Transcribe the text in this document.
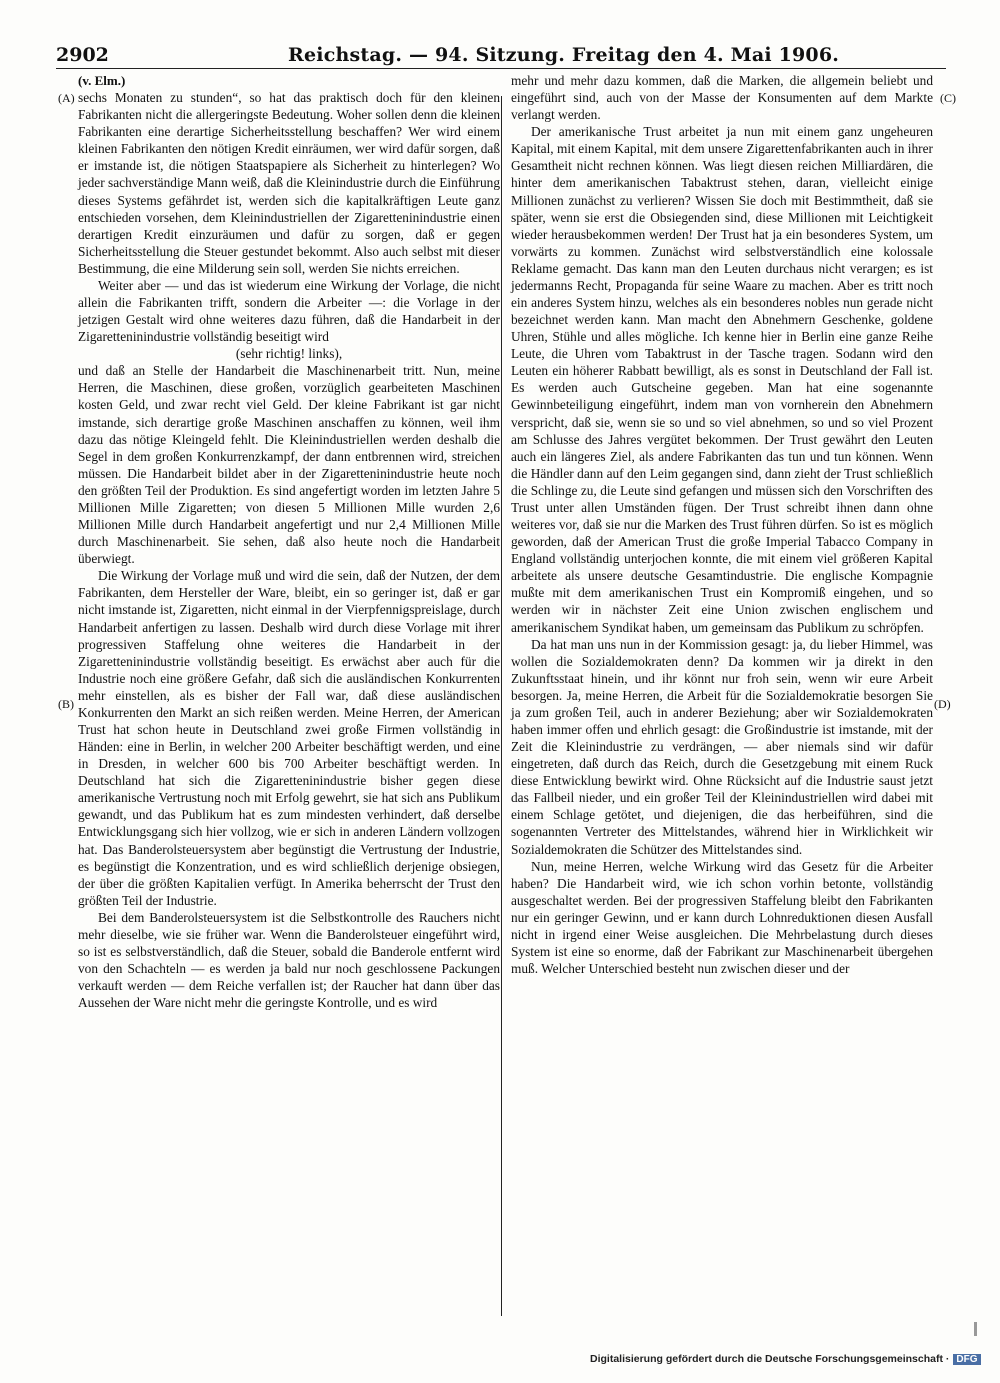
2902	Reichstag. — 94. Sitzung. Freitag den 4. Mai 1906.
(A)
(B)
(C)
(D)

(v. Elm.)

sechs Monaten zu stunden“, so hat das praktisch doch für den kleinen Fabrikanten nicht die allergeringste Bedeutung. Woher sollen denn die kleinen Fabrikanten eine derartige Sicherheitsstellung beschaffen? Wer wird einem kleinen Fabrikanten den nötigen Kredit einräumen, wer wird dafür sorgen, daß er imstande ist, die nötigen Staatspapiere als Sicherheit zu hinterlegen? Wo jeder sachverständige Mann weiß, daß die Kleinindustrie durch die Einführung dieses Systems gefährdet ist, werden sich die kapitalkräftigen Leute ganz entschieden vorsehen, dem Kleinindustriellen der Zigaretteninindustrie einen derartigen Kredit einzuräumen und dafür zu sorgen, daß er gegen Sicherheitsstellung die Steuer gestundet bekommt. Also auch selbst mit dieser Bestimmung, die eine Milderung sein soll, werden Sie nichts erreichen.

Weiter aber — und das ist wiederum eine Wirkung der Vorlage, die nicht allein die Fabrikanten trifft, sondern die Arbeiter —: die Vorlage in der jetzigen Gestalt wird ohne weiteres dazu führen, daß die Handarbeit in der Zigaretteninindustrie vollständig beseitigt wird

(sehr richtig! links),

und daß an Stelle der Handarbeit die Maschinenarbeit tritt. Nun, meine Herren, die Maschinen, diese großen, vorzüglich gearbeiteten Maschinen kosten Geld, und zwar recht viel Geld. Der kleine Fabrikant ist gar nicht imstande, sich derartige große Maschinen anschaffen zu können, weil ihm dazu das nötige Kleingeld fehlt. Die Kleinindustriellen werden deshalb die Segel in dem großen Konkurrenzkampf, der dann entbrennen wird, streichen müssen. Die Handarbeit bildet aber in der Zigaretteninindustrie heute noch den größten Teil der Produktion. Es sind angefertigt worden im letzten Jahre 5 Millionen Mille Zigaretten; von diesen 5 Millionen Mille wurden 2,6 Millionen Mille durch Handarbeit angefertigt und nur 2,4 Millionen Mille durch Maschinenarbeit. Sie sehen, daß also heute noch die Handarbeit überwiegt.

Die Wirkung der Vorlage muß und wird die sein, daß der Nutzen, der dem Fabrikanten, dem Hersteller der Ware, bleibt, ein so geringer ist, daß er gar nicht imstande ist, Zigaretten, nicht einmal in der Vierpfennigspreislage, durch Handarbeit anfertigen zu lassen. Deshalb wird durch diese Vorlage mit ihrer progressiven Staffelung ohne weiteres die Handarbeit in der Zigaretteninindustrie vollständig beseitigt. Es erwächst aber auch für die Industrie noch eine größere Gefahr, daß sich die ausländischen Konkurrenten mehr einstellen, als es bisher der Fall war, daß diese ausländischen Konkurrenten den Markt an sich reißen werden. Meine Herren, der American Trust hat schon heute in Deutschland zwei große Firmen vollständig in Händen: eine in Berlin, in welcher 200 Arbeiter beschäftigt werden, und eine in Dresden, in welcher 600 bis 700 Arbeiter beschäftigt werden. In Deutschland hat sich die Zigaretteninindustrie bisher gegen diese amerikanische Vertrustung noch mit Erfolg gewehrt, sie hat sich ans Publikum gewandt, und das Publikum hat es zum mindesten verhindert, daß derselbe Entwicklungsgang sich hier vollzog, wie er sich in anderen Ländern vollzogen hat. Das Banderolsteuersystem aber begünstigt die Vertrustung der Industrie, es begünstigt die Konzentration, und es wird schließlich derjenige obsiegen, der über die größten Kapitalien verfügt. In Amerika beherrscht der Trust den größten Teil der Industrie.

Bei dem Banderolsteuersystem ist die Selbstkontrolle des Rauchers nicht mehr dieselbe, wie sie früher war. Wenn die Banderolsteuer eingeführt wird, so ist es selbstverständlich, daß die Steuer, sobald die Banderole entfernt wird von den Schachteln — es werden ja bald nur noch geschlossene Packungen verkauft werden — dem Reiche verfallen ist; der Raucher hat dann über das Aussehen der Ware nicht mehr die geringste Kontrolle, und es wird

mehr und mehr dazu kommen, daß die Marken, die allgemein beliebt und eingeführt sind, auch von der Masse der Konsumenten auf dem Markte verlangt werden.

Der amerikanische Trust arbeitet ja nun mit einem ganz ungeheuren Kapital, mit einem Kapital, mit dem unsere Zigarettenfabrikanten auch in ihrer Gesamtheit nicht rechnen können. Was liegt diesen reichen Milliardären, die hinter dem amerikanischen Tabaktrust stehen, daran, vielleicht einige Millionen zunächst zu verlieren? Wissen Sie doch mit Bestimmtheit, daß sie später, wenn sie erst die Obsiegenden sind, diese Millionen mit Leichtigkeit wieder herausbekommen werden! Der Trust hat ja ein besonderes System, um vorwärts zu kommen. Zunächst wird selbstverständlich eine kolossale Reklame gemacht. Das kann man den Leuten durchaus nicht verargen; es ist jedermanns Recht, Propaganda für seine Waare zu machen. Aber es tritt noch ein anderes System hinzu, welches als ein besonderes nobles nun gerade nicht bezeichnet werden kann. Man macht den Abnehmern Geschenke, goldene Uhren, Stühle und alles mögliche. Ich kenne hier in Berlin eine ganze Reihe Leute, die Uhren vom Tabaktrust in der Tasche tragen. Sodann wird den Leuten ein höherer Rabbatt bewilligt, als es sonst in Deutschland der Fall ist. Es werden auch Gutscheine gegeben. Man hat eine sogenannte Gewinnbeteiligung eingeführt, indem man von vornherein den Abnehmern verspricht, daß sie, wenn sie so und so viel abnehmen, so und so viel Prozent am Schlusse des Jahres vergütet bekommen. Der Trust gewährt den Leuten auch ein längeres Ziel, als andere Fabrikanten das tun und tun können. Wenn die Händler dann auf den Leim gegangen sind, dann zieht der Trust schließlich die Schlinge zu, die Leute sind gefangen und müssen sich den Vorschriften des Trust unter allen Umständen fügen. Der Trust schreibt ihnen dann ohne weiteres vor, daß sie nur die Marken des Trust führen dürfen. So ist es möglich geworden, daß der American Trust die große Imperial Tabacco Company in England vollständig unterjochen konnte, die mit einem viel größeren Kapital arbeitete als unsere deutsche Gesamtindustrie. Die englische Kompagnie mußte mit dem amerikanischen Trust ein Kompromiß eingehen, und so werden wir in nächster Zeit eine Union zwischen englischem und amerikanischem Syndikat haben, um gemeinsam das Publikum zu schröpfen.

Da hat man uns nun in der Kommission gesagt: ja, du lieber Himmel, was wollen die Sozialdemokraten denn? Da kommen wir ja direkt in den Zukunftsstaat hinein, und ihr könnt nur froh sein, wenn wir eure Arbeit besorgen. Ja, meine Herren, die Arbeit für die Sozialdemokratie besorgen Sie ja zum großen Teil, auch in anderer Beziehung; aber wir Sozialdemokraten haben immer offen und ehrlich gesagt: die Großindustrie ist imstande, mit der Zeit die Kleinindustrie zu verdrängen, — aber niemals sind wir dafür eingetreten, daß durch das Reich, durch die Gesetzgebung mit einem Ruck diese Entwicklung bewirkt wird. Ohne Rücksicht auf die Industrie saust jetzt das Fallbeil nieder, und ein großer Teil der Kleinindustriellen wird dabei mit einem Schlage getötet, und diejenigen, die das herbeiführen, sind die sogenannten Vertreter des Mittelstandes, während hier in Wirklichkeit wir Sozialdemokraten die Schützer des Mittelstandes sind.

Nun, meine Herren, welche Wirkung wird das Gesetz für die Arbeiter haben? Die Handarbeit wird, wie ich schon vorhin betonte, vollständig ausgeschaltet werden. Bei der progressiven Staffelung bleibt den Fabrikanten nur ein geringer Gewinn, und er kann durch Lohnreduktionen diesen Ausfall nicht in irgend einer Weise ausgleichen. Die Mehrbelastung durch dieses System ist eine so enorme, daß der Fabrikant zur Maschinenarbeit übergehen muß. Welcher Unterschied besteht nun zwischen dieser und der

Digitalisierung gefördert durch die Deutsche Forschungsgemeinschaft · DFG
